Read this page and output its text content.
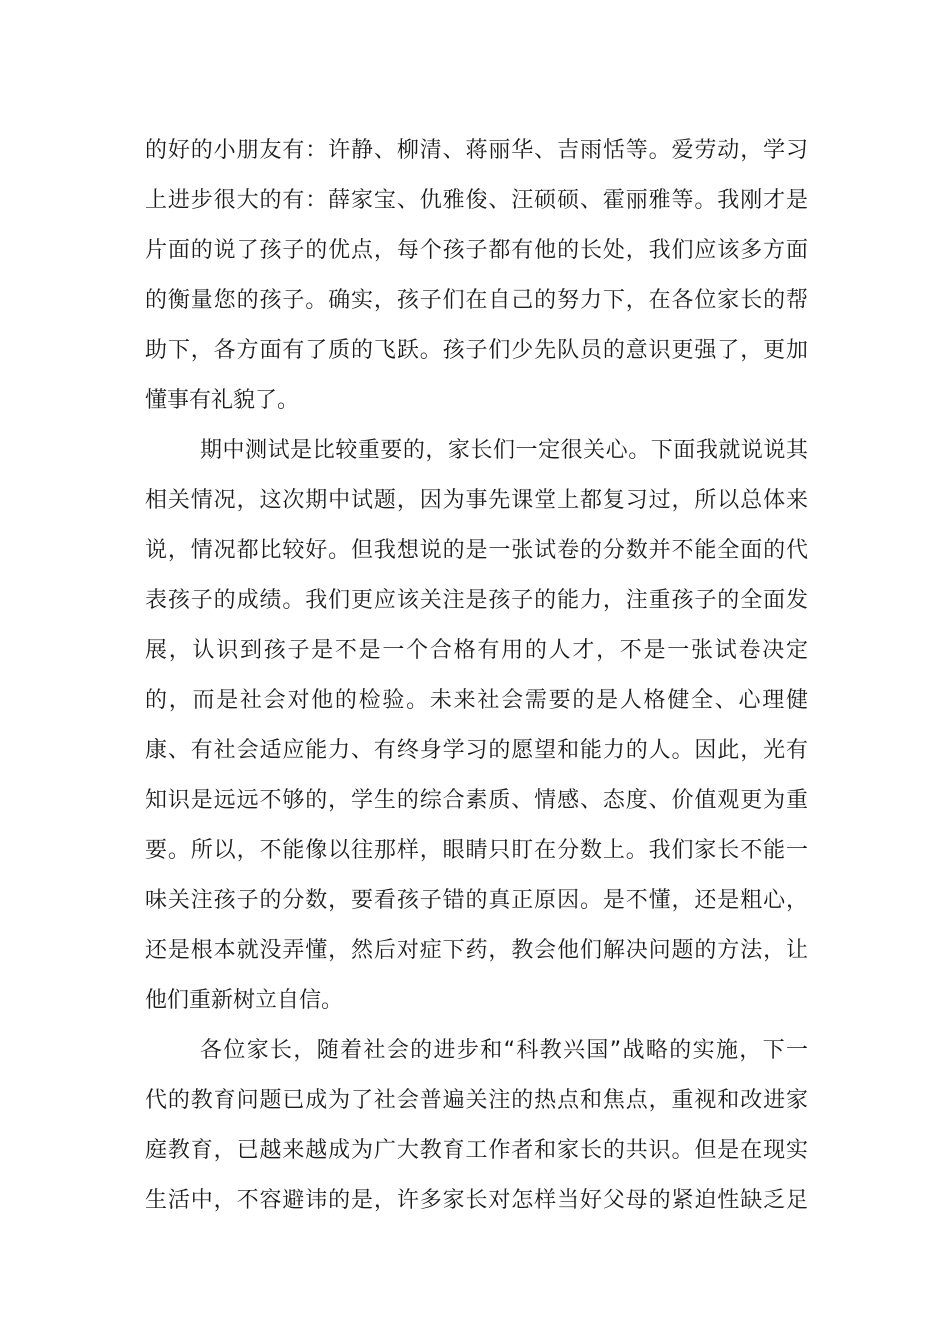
的好的小朋友有：许静、柳清、蒋丽华、吉雨恬等。爱劳动，学习
上进步很大的有：薛家宝、仇雅俊、汪硕硕、霍丽雅等。我刚才是
片面的说了孩子的优点，每个孩子都有他的长处，我们应该多方面
的衡量您的孩子。确实，孩子们在自己的努力下，在各位家长的帮
助下，各方面有了质的飞跃。孩子们少先队员的意识更强了，更加
懂事有礼貌了。
期中测试是比较重要的，家长们一定很关心。下面我就说说其
相关情况，这次期中试题，因为事先课堂上都复习过，所以总体来
说，情况都比较好。但我想说的是一张试卷的分数并不能全面的代
表孩子的成绩。我们更应该关注是孩子的能力，注重孩子的全面发
展，认识到孩子是不是一个合格有用的人才，不是一张试卷决定
的，而是社会对他的检验。未来社会需要的是人格健全、心理健
康、有社会适应能力、有终身学习的愿望和能力的人。因此，光有
知识是远远不够的，学生的综合素质、情感、态度、价值观更为重
要。所以，不能像以往那样，眼睛只盯在分数上。我们家长不能一
味关注孩子的分数，要看孩子错的真正原因。是不懂，还是粗心，
还是根本就没弄懂，然后对症下药，教会他们解决问题的方法，让
他们重新树立自信。
各位家长，随着社会的进步和“科教兴国”战略的实施，下一
代的教育问题已成为了社会普遍关注的热点和焦点，重视和改进家
庭教育，已越来越成为广大教育工作者和家长的共识。但是在现实
生活中，不容避讳的是，许多家长对怎样当好父母的紧迫性缺乏足
